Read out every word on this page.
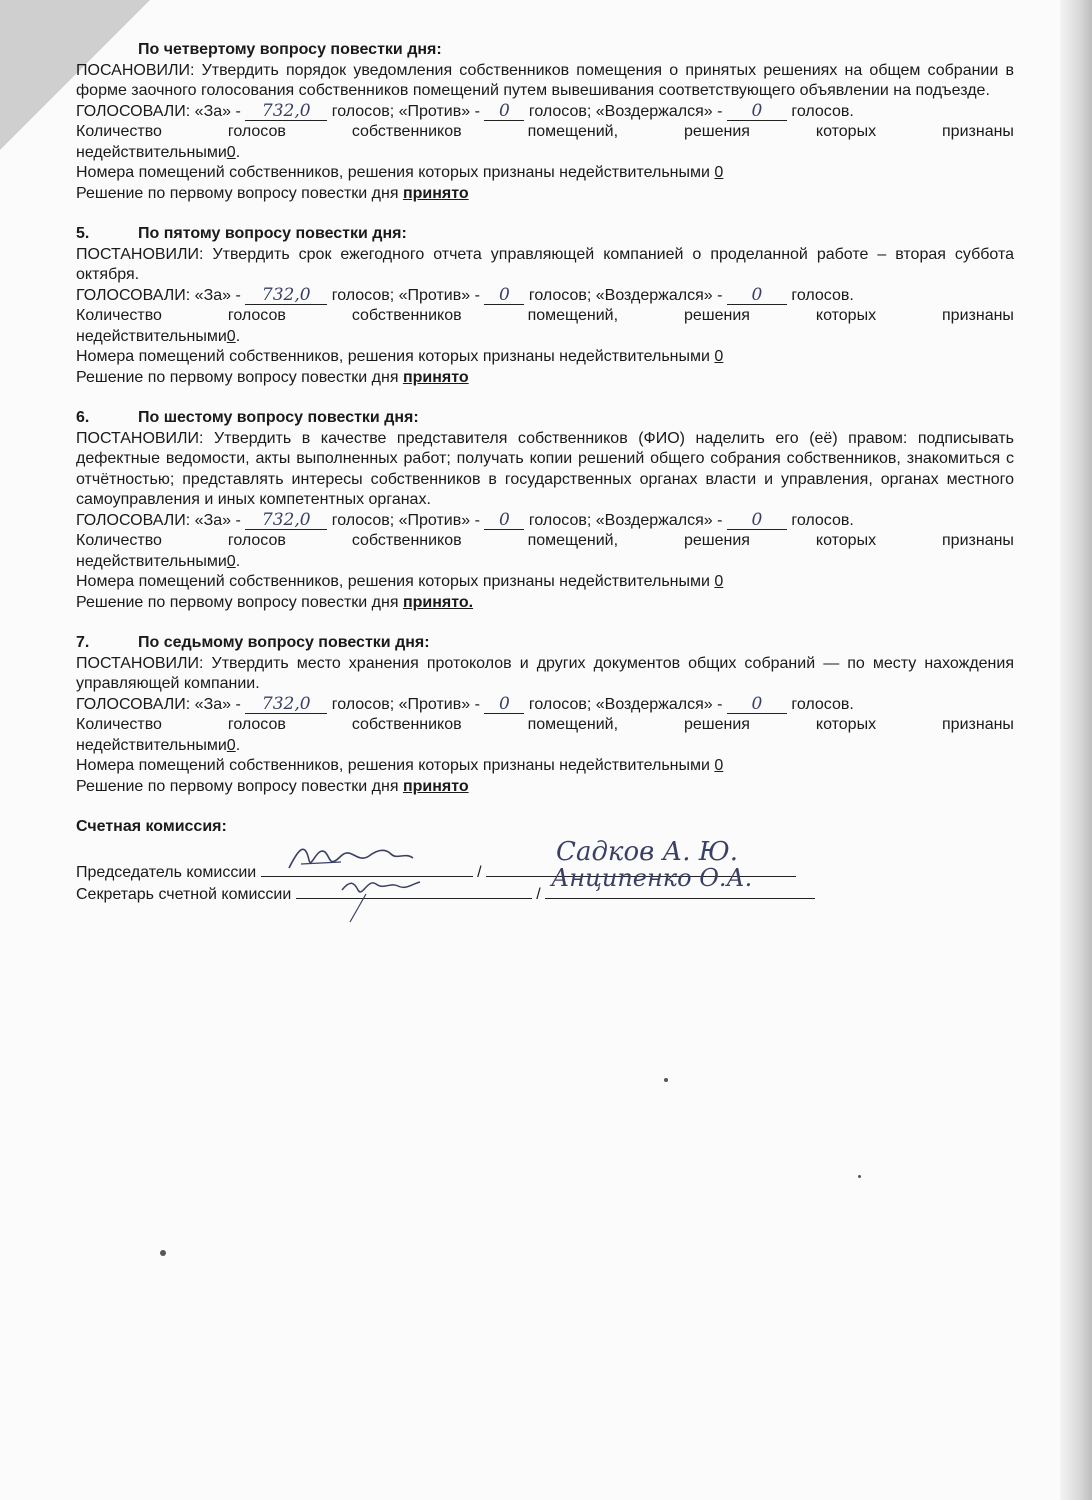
По четвертому вопросу повестки дня:
ПОСАНОВИЛИ: Утвердить порядок уведомления собственников помещения о принятых решениях на общем собрании в форме заочного голосования собственников помещений путем вывешивания соответствующего объявлении на подъезде.
ГОЛОСОВАЛИ: «За» - 732,0 голосов; «Против» - 0 голосов; «Воздержался» - 0 голосов.
Количество	голосов	собственников	помещений,	решения	которых	признаны
недействительными0.
Номера помещений собственников, решения которых признаны недействительными 0
Решение по первому вопросу повестки дня принято
5.	По пятому вопросу повестки дня:
ПОСТАНОВИЛИ: Утвердить срок ежегодного отчета управляющей компанией о проделанной работе – вторая суббота октября.
ГОЛОСОВАЛИ: «За» - 732,0 голосов; «Против» - 0 голосов; «Воздержался» - 0 голосов.
Количество	голосов	собственников	помещений,	решения	которых	признаны
недействительными0.
Номера помещений собственников, решения которых признаны недействительными 0
Решение по первому вопросу повестки дня принято
6.	По шестому вопросу повестки дня:
ПОСТАНОВИЛИ: Утвердить в качестве представителя собственников (ФИО) наделить его (её) правом: подписывать дефектные ведомости, акты выполненных работ; получать копии решений общего собрания собственников, знакомиться с отчётностью; представлять интересы собственников в государственных органах власти и управления, органах местного самоуправления и иных компетентных органах.
ГОЛОСОВАЛИ: «За» - 732,0 голосов; «Против» - 0 голосов; «Воздержался» - 0 голосов.
Количество	голосов	собственников	помещений,	решения	которых	признаны
недействительными0.
Номера помещений собственников, решения которых признаны недействительными 0
Решение по первому вопросу повестки дня принято.
7.	По седьмому вопросу повестки дня:
ПОСТАНОВИЛИ: Утвердить место хранения протоколов и других документов общих собраний — по месту нахождения управляющей компании.
ГОЛОСОВАЛИ: «За» - 732,0 голосов; «Против» - 0 голосов; «Воздержался» - 0 голосов.
Количество	голосов	собственников	помещений,	решения	которых	признаны
недействительными0.
Номера помещений собственников, решения которых признаны недействительными 0
Решение по первому вопросу повестки дня принято
Счетная комиссия:
Председатель комиссии	/
Садков А. Ю.
Секретарь счетной комиссии	/
Анципенко О.А.
